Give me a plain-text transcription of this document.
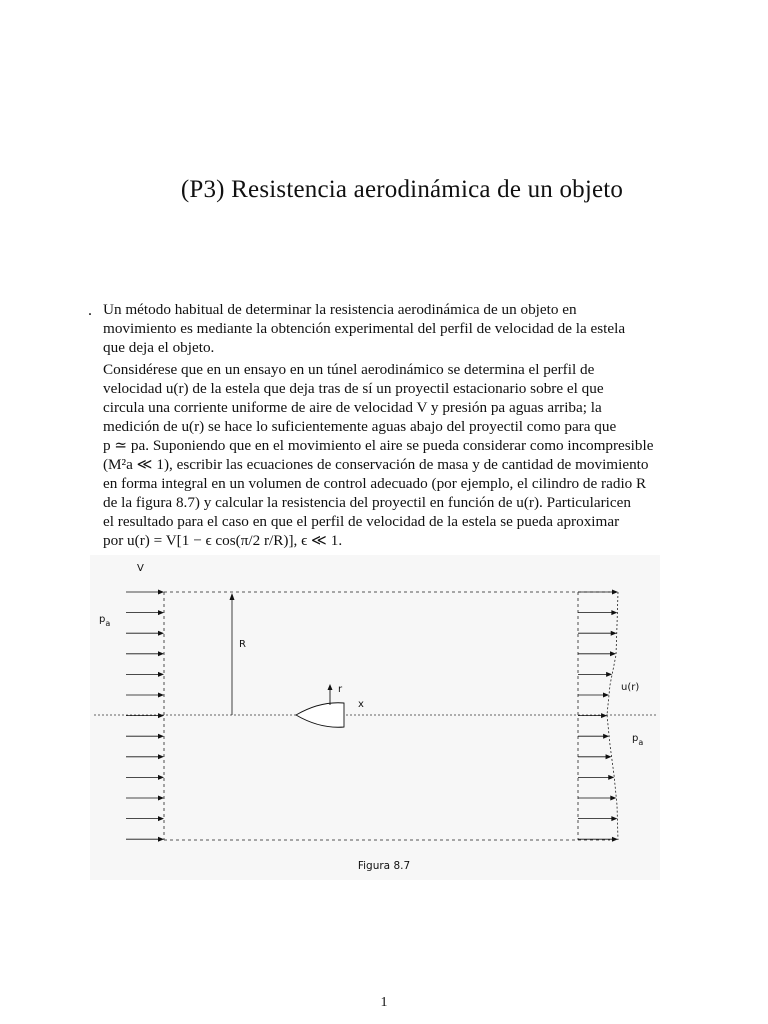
(P3) Resistencia aerodinámica de un objeto
. Un método habitual de determinar la resistencia aerodinámica de un objeto en
movimiento es mediante la obtención experimental del perfil de velocidad de la estela
que deja el objeto.
Considérese que en un ensayo en un túnel aerodinámico se determina el perfil de
velocidad u(r) de la estela que deja tras de sí un proyectil estacionario sobre el que
circula una corriente uniforme de aire de velocidad V y presión pa aguas arriba; la
medición de u(r) se hace lo suficientemente aguas abajo del proyectil como para que
p ≃ pa. Suponiendo que en el movimiento el aire se pueda considerar como incompresible
(M²a ≪ 1), escribir las ecuaciones de conservación de masa y de cantidad de movimiento
en forma integral en un volumen de control adecuado (por ejemplo, el cilindro de radio R
de la figura 8.7) y calcular la resistencia del proyectil en función de u(r). Particularicen
el resultado para el caso en que el perfil de velocidad de la estela se pueda aproximar
por u(r) = V[1 − ϵ cos(π/2 r/R)], ϵ ≪ 1.
V
$p_a$
R
r
x
u(r)
$p_a$
Figura 8.7
1
